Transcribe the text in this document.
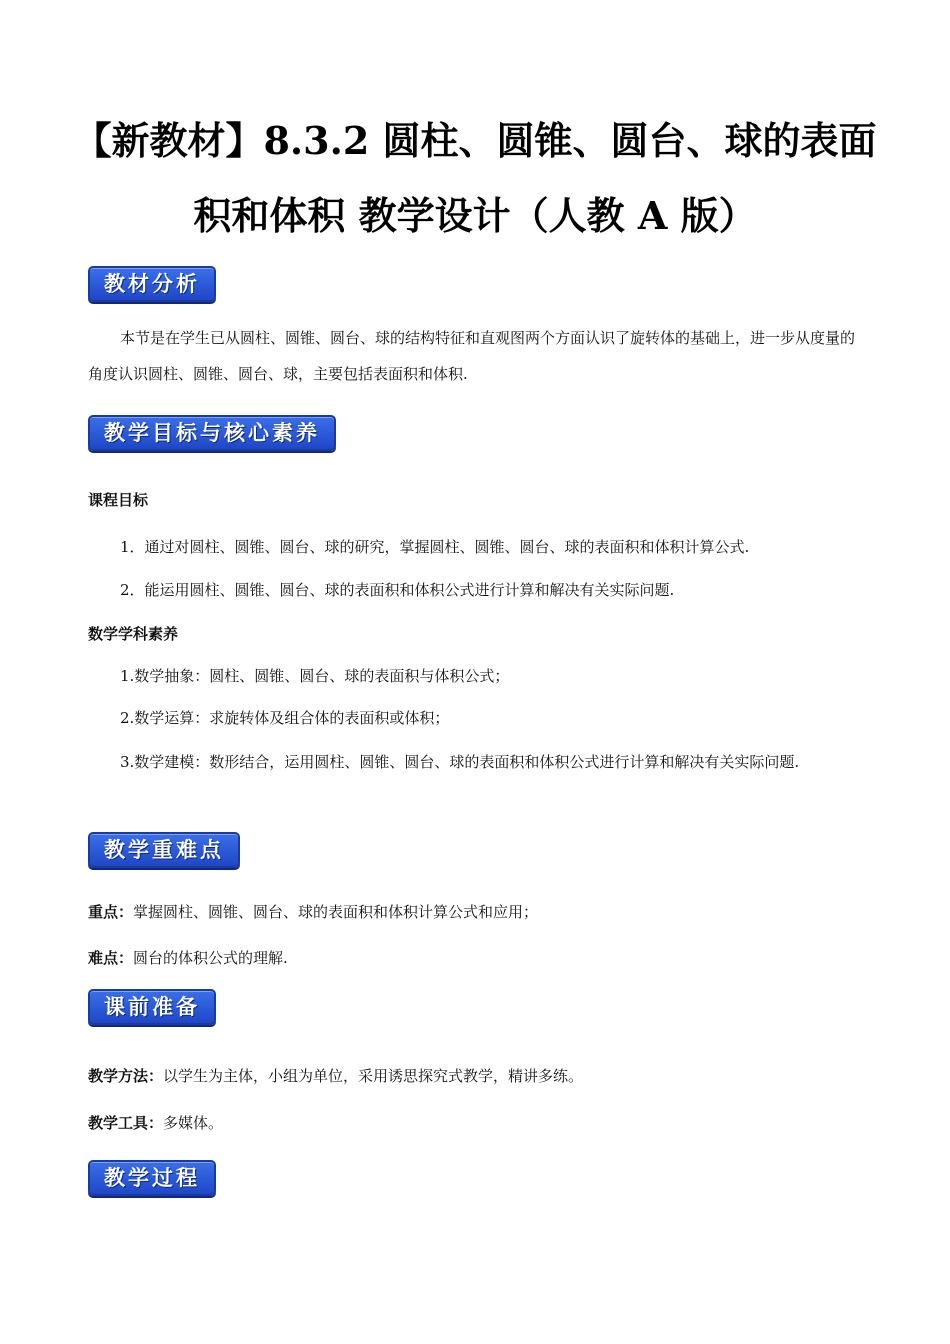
【新教材】8.3.2 圆柱、圆锥、圆台、球的表面
积和体积 教学设计（人教 A 版）
教材分析
本节是在学生已从圆柱、圆锥、圆台、球的结构特征和直观图两个方面认识了旋转体的基础上，进一步从度量的角度认识圆柱、圆锥、圆台、球，主要包括表面积和体积.
教学目标与核心素养
课程目标
1．通过对圆柱、圆锥、圆台、球的研究，掌握圆柱、圆锥、圆台、球的表面积和体积计算公式.
2．能运用圆柱、圆锥、圆台、球的表面积和体积公式进行计算和解决有关实际问题.
数学学科素养
1.数学抽象：圆柱、圆锥、圆台、球的表面积与体积公式；
2.数学运算：求旋转体及组合体的表面积或体积；
3.数学建模：数形结合，运用圆柱、圆锥、圆台、球的表面积和体积公式进行计算和解决有关实际问题.
教学重难点
重点：掌握圆柱、圆锥、圆台、球的表面积和体积计算公式和应用；
难点：圆台的体积公式的理解.
课前准备
教学方法：以学生为主体，小组为单位，采用诱思探究式教学，精讲多练。
教学工具：多媒体。
教学过程
